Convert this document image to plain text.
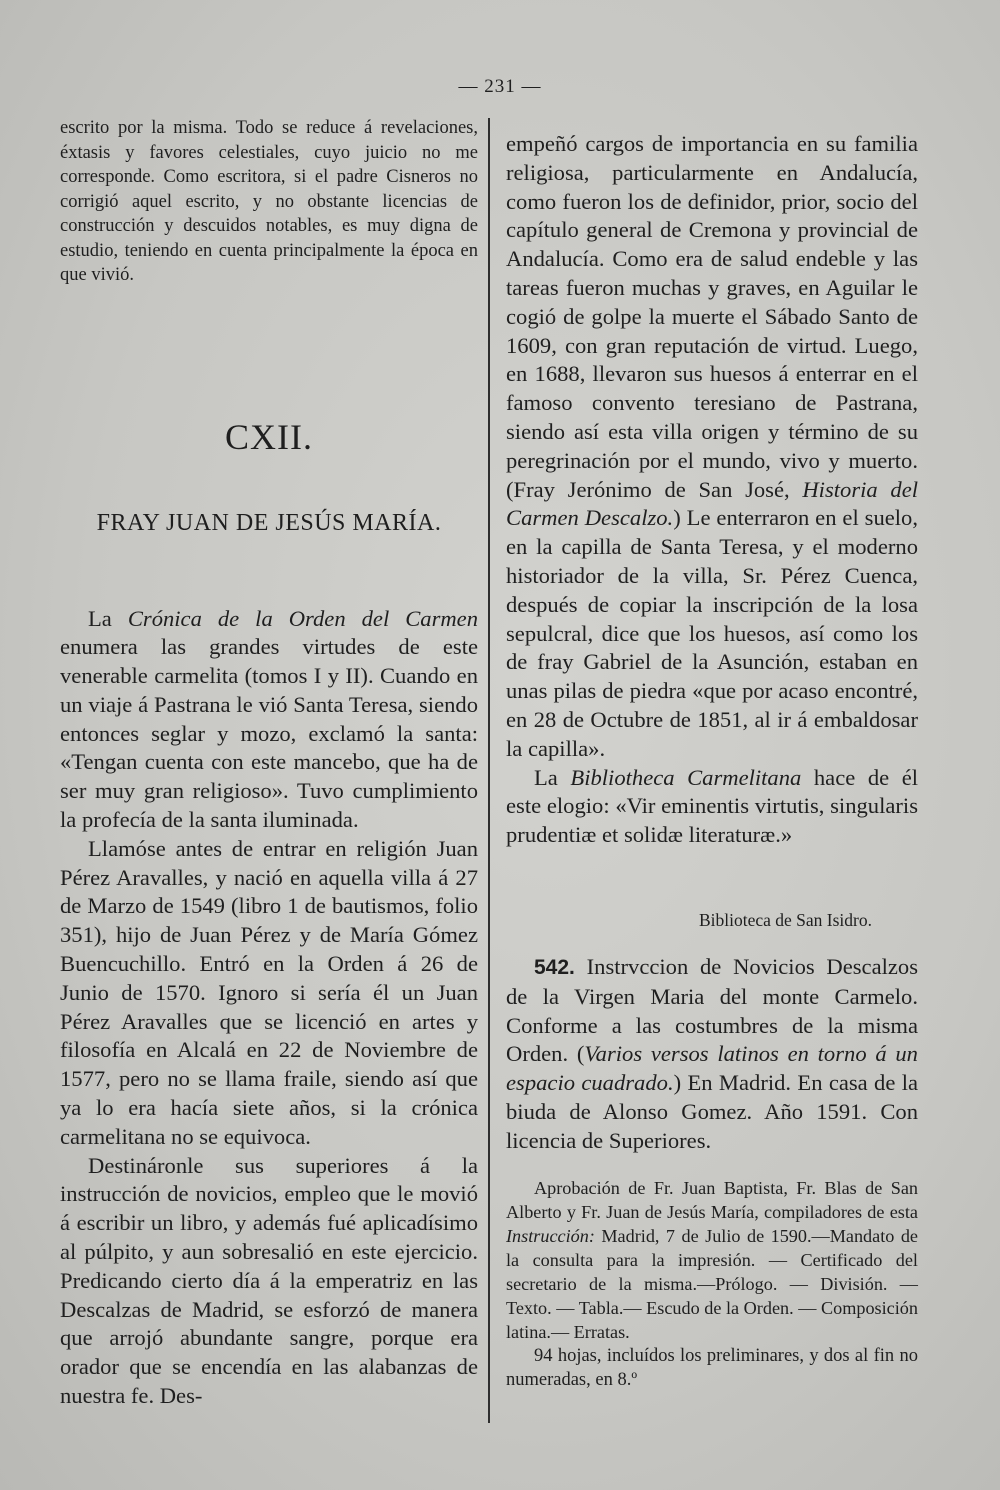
— 231 —

escrito por la misma. Todo se reduce á revelaciones, éxtasis y favores celestiales, cuyo juicio no me corresponde. Como escritora, si el padre Cisneros no corrigió aquel escrito, y no obstante licencias de construcción y descuidos notables, es muy digna de estudio, teniendo en cuenta principalmente la época en que vivió.

CXII.
FRAY JUAN DE JESÚS MARÍA.

La Crónica de la Orden del Carmen enumera las grandes virtudes de este venerable carmelita (tomos I y II). Cuando en un viaje á Pastrana le vió Santa Teresa, siendo entonces seglar y mozo, exclamó la santa: «Tengan cuenta con este mancebo, que ha de ser muy gran religioso». Tuvo cumplimiento la profecía de la santa iluminada.

Llamóse antes de entrar en religión Juan Pérez Aravalles, y nació en aquella villa á 27 de Marzo de 1549 (libro 1 de bautismos, folio 351), hijo de Juan Pérez y de María Gómez Buencuchillo. Entró en la Orden á 26 de Junio de 1570. Ignoro si sería él un Juan Pérez Aravalles que se licenció en artes y filosofía en Alcalá en 22 de Noviembre de 1577, pero no se llama fraile, siendo así que ya lo era hacía siete años, si la crónica carmelitana no se equivoca.

Destináronle sus superiores á la instrucción de novicios, empleo que le movió á escribir un libro, y además fué aplicadísimo al púlpito, y aun sobresalió en este ejercicio. Predicando cierto día á la emperatriz en las Descalzas de Madrid, se esforzó de manera que arrojó abundante sangre, porque era orador que se encendía en las alabanzas de nuestra fe. Des-

empeñó cargos de importancia en su familia religiosa, particularmente en Andalucía, como fueron los de definidor, prior, socio del capítulo general de Cremona y provincial de Andalucía. Como era de salud endeble y las tareas fueron muchas y graves, en Aguilar le cogió de golpe la muerte el Sábado Santo de 1609, con gran reputación de virtud. Luego, en 1688, llevaron sus huesos á enterrar en el famoso convento teresiano de Pastrana, siendo así esta villa origen y término de su peregrinación por el mundo, vivo y muerto. (Fray Jerónimo de San José, Historia del Carmen Descalzo.) Le enterraron en el suelo, en la capilla de Santa Teresa, y el moderno historiador de la villa, Sr. Pérez Cuenca, después de copiar la inscripción de la losa sepulcral, dice que los huesos, así como los de fray Gabriel de la Asunción, estaban en unas pilas de piedra «que por acaso encontré, en 28 de Octubre de 1851, al ir á embaldosar la capilla».

La Bibliotheca Carmelitana hace de él este elogio: «Vir eminentis virtutis, singularis prudentiæ et solidæ literaturæ.»

Biblioteca de San Isidro.

542. Instrvccion de Novicios Descalzos de la Virgen Maria del monte Carmelo. Conforme a las costumbres de la misma Orden. (Varios versos latinos en torno á un espacio cuadrado.) En Madrid. En casa de la biuda de Alonso Gomez. Año 1591. Con licencia de Superiores.

Aprobación de Fr. Juan Baptista, Fr. Blas de San Alberto y Fr. Juan de Jesús María, compiladores de esta Instrucción: Madrid, 7 de Julio de 1590.—Mandato de la consulta para la impresión. — Certificado del secretario de la misma.—Prólogo. — División. — Texto. — Tabla.— Escudo de la Orden. — Composición latina.— Erratas.

94 hojas, incluídos los preliminares, y dos al fin no numeradas, en 8.º
